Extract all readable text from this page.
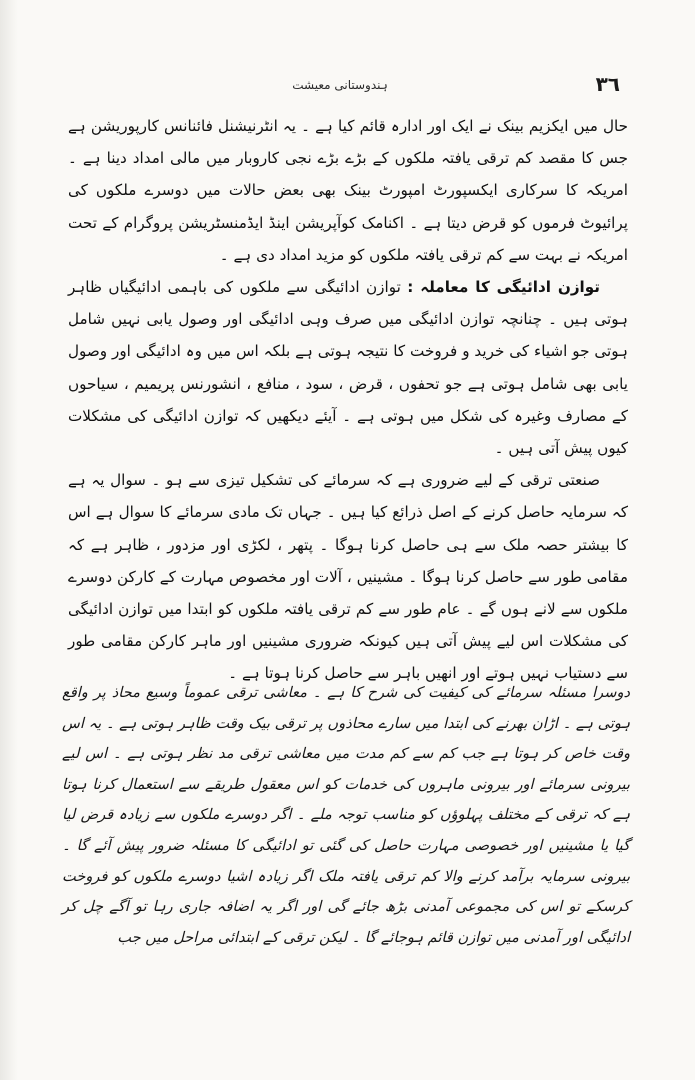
٣٦
ہندوستانی معیشت

حال میں ایکزیم بینک نے ایک اور ادارہ قائم کیا ہے ۔ یہ انٹرنیشنل فائنانس کارپوریشن ہے جس کا مقصد کم ترقی یافتہ ملکوں کے بڑے بڑے نجی کاروبار میں مالی امداد دینا ہے ۔ امریکہ کا سرکاری ایکسپورٹ امپورٹ بینک بھی بعض حالات میں دوسرے ملکوں کی پرائیوٹ فرموں کو قرض دیتا ہے ۔ اکنامک کوآپریشن اینڈ ایڈمنسٹریشن پروگرام کے تحت امریکہ نے بہت سے کم ترقی یافتہ ملکوں کو مزید امداد دی ہے ۔

توازن ادائیگی کا معاملہ : توازن ادائیگی سے ملکوں کی باہمی ادائیگیاں ظاہر ہوتی ہیں ۔ چنانچہ توازن ادائیگی میں صرف وہی ادائیگی اور وصول یابی نہیں شامل ہوتی جو اشیاء کی خرید و فروخت کا نتیجہ ہوتی ہے بلکہ اس میں وہ ادائیگی اور وصول یابی بھی شامل ہوتی ہے جو تحفوں ، قرض ، سود ، منافع ، انشورنس پریمیم ، سیاحوں کے مصارف وغیرہ کی شکل میں ہوتی ہے ۔ آیئے دیکھیں کہ توازن ادائیگی کی مشکلات کیوں پیش آتی ہیں ۔

صنعتی ترقی کے لیے ضروری ہے کہ سرمائے کی تشکیل تیزی سے ہو ۔ سوال یہ ہے کہ سرمایہ حاصل کرنے کے اصل ذرائع کیا ہیں ۔ جہاں تک مادی سرمائے کا سوال ہے اس کا بیشتر حصہ ملک سے ہی حاصل کرنا ہوگا ۔ پتھر ، لکڑی اور مزدور ، ظاہر ہے کہ مقامی طور سے حاصل کرنا ہوگا ۔ مشینیں ، آلات اور مخصوص مہارت کے کارکن دوسرے ملکوں سے لانے ہوں گے ۔ عام طور سے کم ترقی یافتہ ملکوں کو ابتدا میں توازن ادائیگی کی مشکلات اس لیے پیش آتی ہیں کیونکہ ضروری مشینیں اور ماہر کارکن مقامی طور سے دستیاب نہیں ہوتے اور انھیں باہر سے حاصل کرنا ہوتا ہے ۔

دوسرا مسئلہ سرمائے کی کیفیت کی شرح کا ہے ۔ معاشی ترقی عموماً وسیع محاذ پر واقع ہوتی ہے ۔ اڑان بھرنے کی ابتدا میں سارے محاذوں پر ترقی بیک وقت ظاہر ہوتی ہے ۔ یہ اس وقت خاص کر ہوتا ہے جب کم سے کم مدت میں معاشی ترقی مد نظر ہوتی ہے ۔ اس لیے بیرونی سرمائے اور بیرونی ماہروں کی خدمات کو اس معقول طریقے سے استعمال کرنا ہوتا ہے کہ ترقی کے مختلف پہلوؤں کو مناسب توجہ ملے ۔ اگر دوسرے ملکوں سے زیادہ قرض لیا گیا یا مشینیں اور خصوصی مہارت حاصل کی گئی تو ادائیگی کا مسئلہ ضرور پیش آئے گا ۔ بیرونی سرمایہ برآمد کرنے والا کم ترقی یافتہ ملک اگر زیادہ اشیا دوسرے ملکوں کو فروخت کرسکے تو اس کی مجموعی آمدنی بڑھ جائے گی اور اگر یہ اضافہ جاری رہا تو آگے چل کر ادائیگی اور آمدنی میں توازن قائم ہوجائے گا ۔ لیکن ترقی کے ابتدائی مراحل میں جب
